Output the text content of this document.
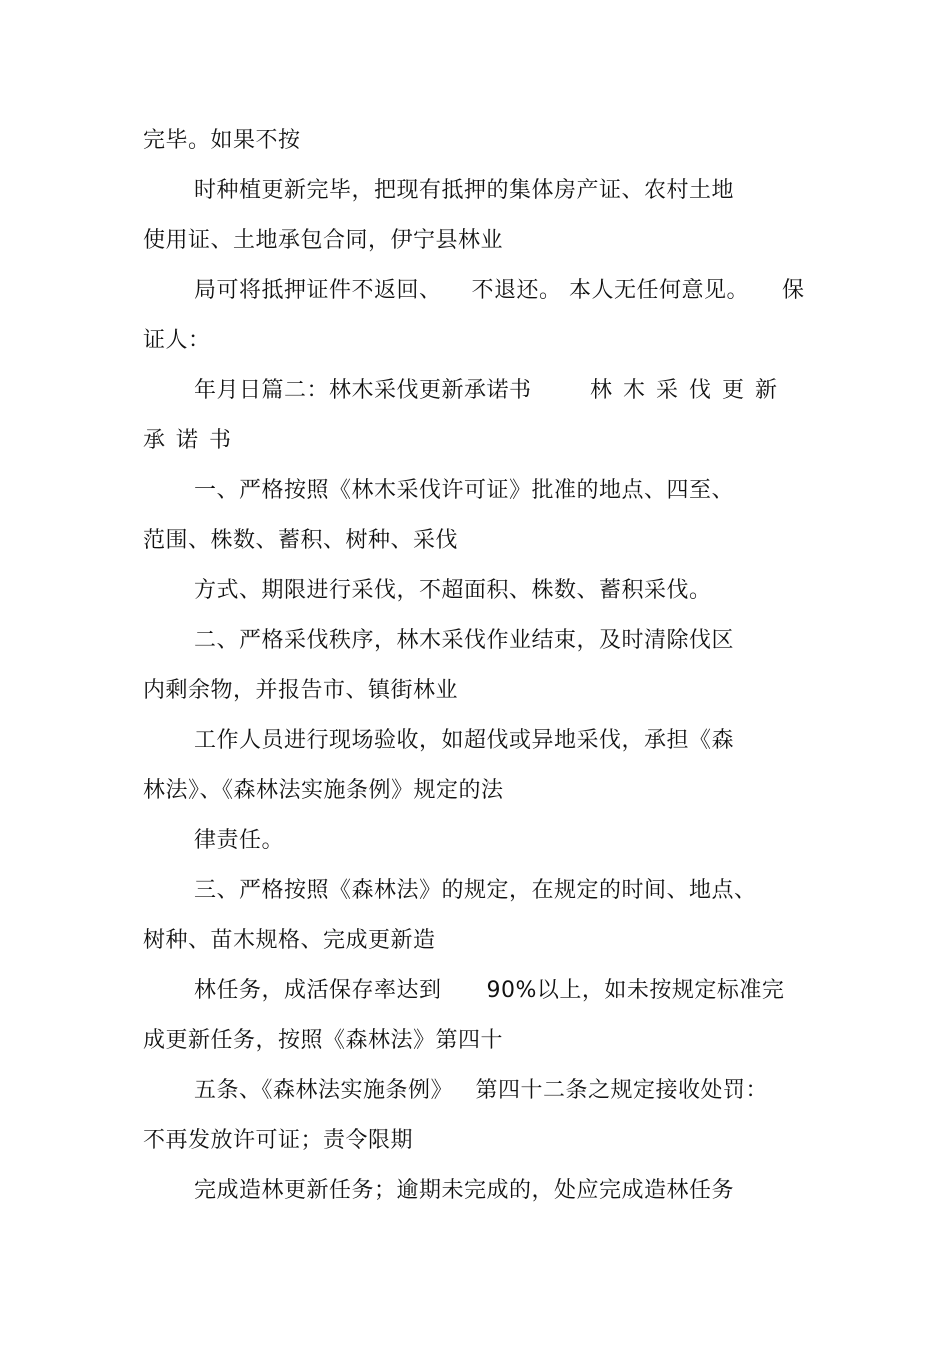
完毕。如果不按
时种植更新完毕，把现有抵押的集体房产证、农村土地
使用证、土地承包合同，伊宁县林业
局可将抵押证件不返回、    不退还。 本人无任何意见。 保
证人：
年月日篇二：林木采伐更新承诺书	林木采伐更新
承诺书
一、严格按照《林木采伐许可证》批准的地点、四至、
范围、株数、蓄积、树种、采伐
方式、期限进行采伐，不超面积、株数、蓄积采伐。
二、严格采伐秩序，林木采伐作业结束，及时清除伐区
内剩余物，并报告市、镇街林业
工作人员进行现场验收，如超伐或异地采伐，承担《森
林法》、《森林法实施条例》规定的法
律责任。
三、严格按照《森林法》的规定，在规定的时间、地点、
树种、苗木规格、完成更新造
林任务，成活保存率达到      90%以上，如未按规定标准完
成更新任务，按照《森林法》第四十
五条、《森林法实施条例》   第四十二条之规定接收处罚：
不再发放许可证；责令限期
完成造林更新任务；逾期未完成的，处应完成造林任务
